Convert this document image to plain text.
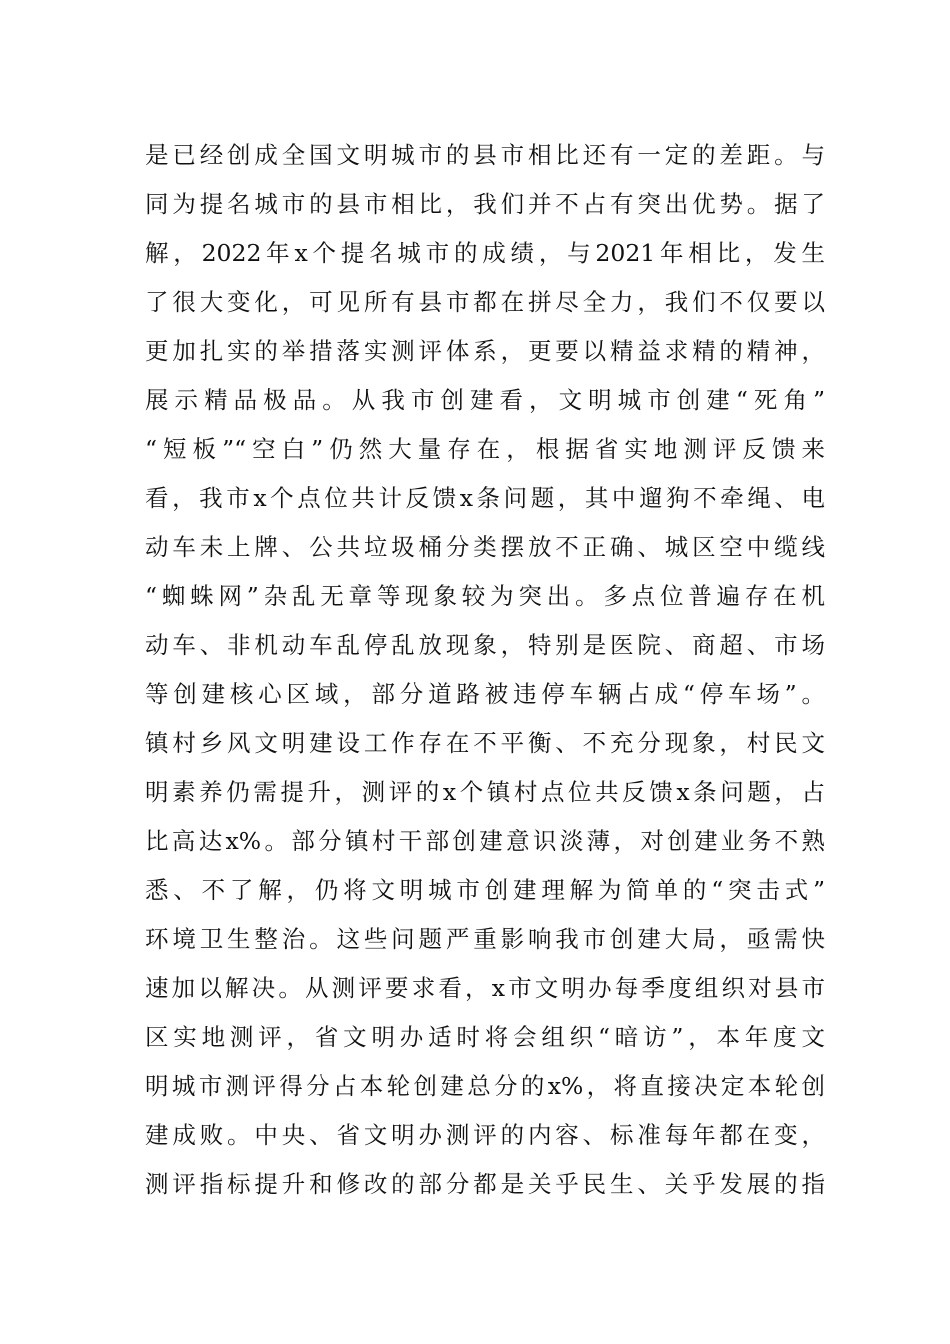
是已经创成全国文明城市的县市相比还有一定的差距。与
同为提名城市的县市相比，我们并不占有突出优势。据了
解，2022年x个提名城市的成绩，与2021年相比，发生
了很大变化，可见所有县市都在拼尽全力，我们不仅要以
更加扎实的举措落实测评体系，更要以精益求精的精神，
展示精品极品。从我市创建看，文明城市创建“死角”
“短板”“空白”仍然大量存在，根据省实地测评反馈来
看，我市x个点位共计反馈x条问题，其中遛狗不牵绳、电
动车未上牌、公共垃圾桶分类摆放不正确、城区空中缆线
“蜘蛛网”杂乱无章等现象较为突出。多点位普遍存在机
动车、非机动车乱停乱放现象，特别是医院、商超、市场
等创建核心区域，部分道路被违停车辆占成“停车场”。
镇村乡风文明建设工作存在不平衡、不充分现象，村民文
明素养仍需提升，测评的x个镇村点位共反馈x条问题，占
比高达x%。部分镇村干部创建意识淡薄，对创建业务不熟
悉、不了解，仍将文明城市创建理解为简单的“突击式”
环境卫生整治。这些问题严重影响我市创建大局，亟需快
速加以解决。从测评要求看，x市文明办每季度组织对县市
区实地测评，省文明办适时将会组织“暗访”，本年度文
明城市测评得分占本轮创建总分的x%，将直接决定本轮创
建成败。中央、省文明办测评的内容、标准每年都在变，
测评指标提升和修改的部分都是关乎民生、关乎发展的指
